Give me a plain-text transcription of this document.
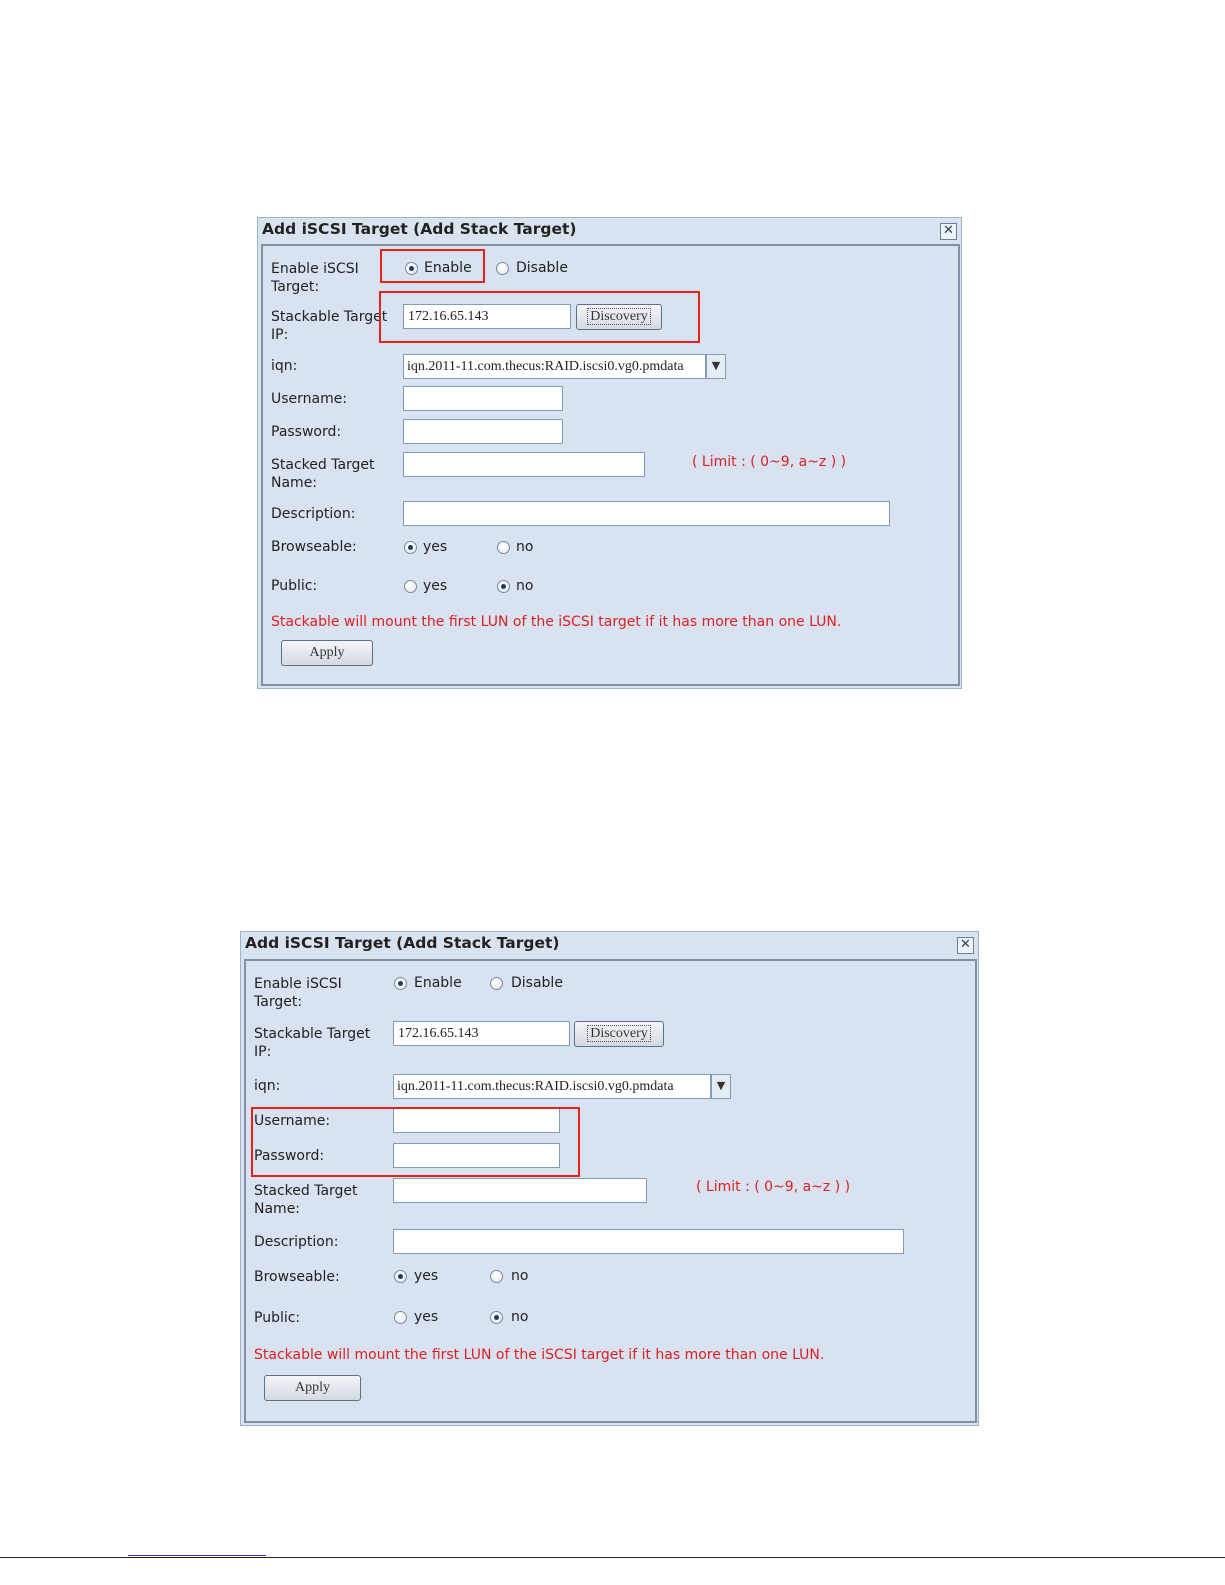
Add iSCSI Target (Add Stack Target)	✕
Enable iSCSI Target:
Enable	Disable
Stackable Target IP:
172.16.65.143	Discovery
iqn:	iqn.2011-11.com.thecus:RAID.iscsi0.vg0.pmdata	▼
Username:
Password:
Stacked Target Name:
( Limit : ( 0~9, a~z ) )
Description:
Browseable:	yes	no
Public:	yes	no
Stackable will mount the first LUN of the iSCSI target if it has more than one LUN.
Apply
Add iSCSI Target (Add Stack Target)	✕
Enable iSCSI Target:
Enable	Disable
Stackable Target IP:
172.16.65.143	Discovery
iqn:	iqn.2011-11.com.thecus:RAID.iscsi0.vg0.pmdata	▼
Username:
Password:
Stacked Target Name:
( Limit : ( 0~9, a~z ) )
Description:
Browseable:	yes	no
Public:	yes	no
Stackable will mount the first LUN of the iSCSI target if it has more than one LUN.
Apply
